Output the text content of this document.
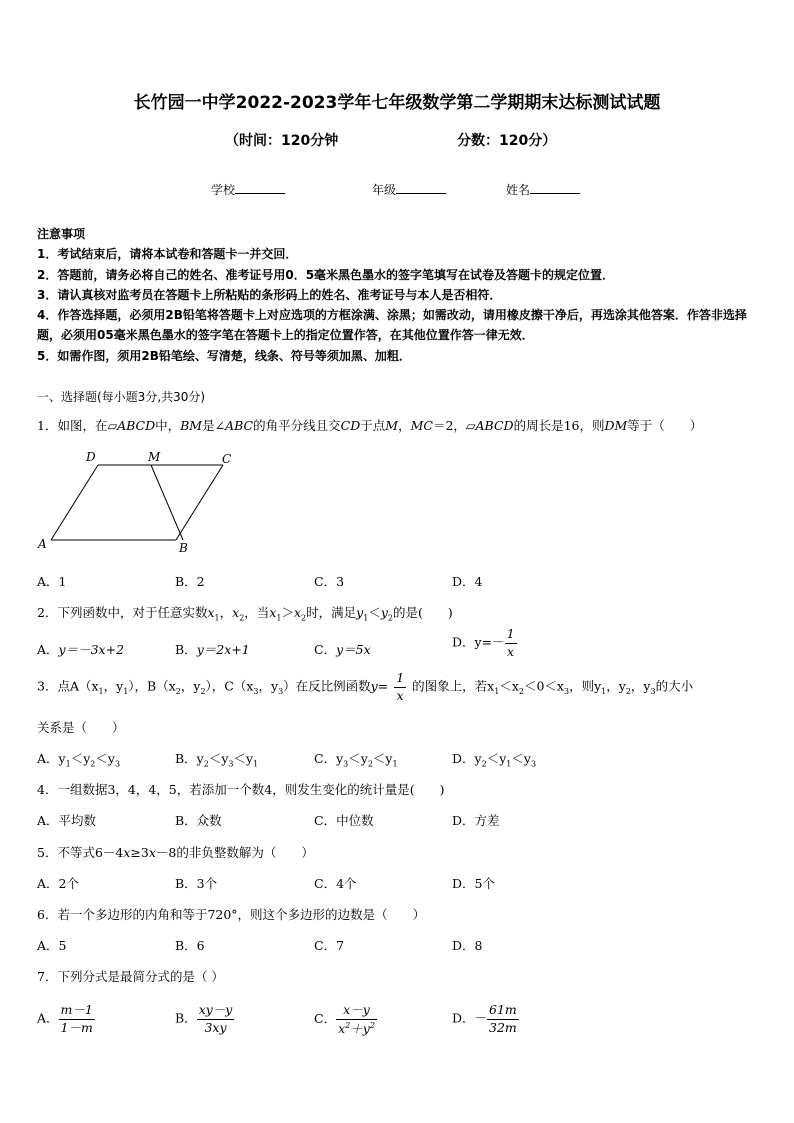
长竹园一中学2022-2023学年七年级数学第二学期期末达标测试试题
（时间：120分钟	分数：120分）
学校	年级	姓名
注意事项
1．考试结束后，请将本试卷和答题卡一并交回．
2．答题前，请务必将自己的姓名、准考证号用0．5毫米黑色墨水的签字笔填写在试卷及答题卡的规定位置．
3．请认真核对监考员在答题卡上所粘贴的条形码上的姓名、准考证号与本人是否相符．
4．作答选择题，必须用2B铅笔将答题卡上对应选项的方框涂满、涂黑；如需改动，请用橡皮擦干净后，再选涂其他答案．作答非选择题，必须用05毫米黑色墨水的签字笔在答题卡上的指定位置作答，在其他位置作答一律无效．
5．如需作图，须用2B铅笔绘、写清楚，线条、符号等须加黑、加粗．
一、选择题(每小题3分,共30分)
1．如图，在▱ABCD中，BM是∠ABC的角平分线且交CD于点M，MC＝2，▱ABCD的周长是16，则DM等于（　　）
D	M	C
A	B
A．1	B．2	C．3	D．4
2．下列函数中，对于任意实数$x_1$，$x_2$，当$x_1>x_2$时，满足$y_1<y_2$的是(　　)
A．y＝－3x+2	B．y＝2x+1	C．y＝5x	D．$y=- \frac{1}{x}$
3．点$A(x_1$，$y_1$），$B(x_2$，$y_2$），$C(x_3$，$y_3$）在反比例函数$y= \frac{1}{x}$ 的图象上，若$x_1<x_2<0<x_3$，则$y_1$，$y_2$，$y_3$的大小
关系是（　　）
A．$y_1<y_2<y_3$	B．$y_2<y_3<y_1$	C．$y_3<y_2<y_1$	D．$y_2<y_1<y_3$
4．一组数据3，4，4，5，若添加一个数4，则发生变化的统计量是(　　)
A．平均数	B．众数	C．中位数	D．方差
5．不等式6－4x≥3x－8的非负整数解为（　　）
A．2个	B．3个	C．4个	D．5个
6．若一个多边形的内角和等于720°，则这个多边形的边数是（　　）
A．5	B．6	C．7	D．8
7．下列分式是最简分式的是（ ）
A． $\frac{m-1}{1-m}$	B． $\frac{xy-y}{3xy}$	C． $\frac{x-y}{x^2+y^2}$	D．－ $\frac{61m}{32m}$
